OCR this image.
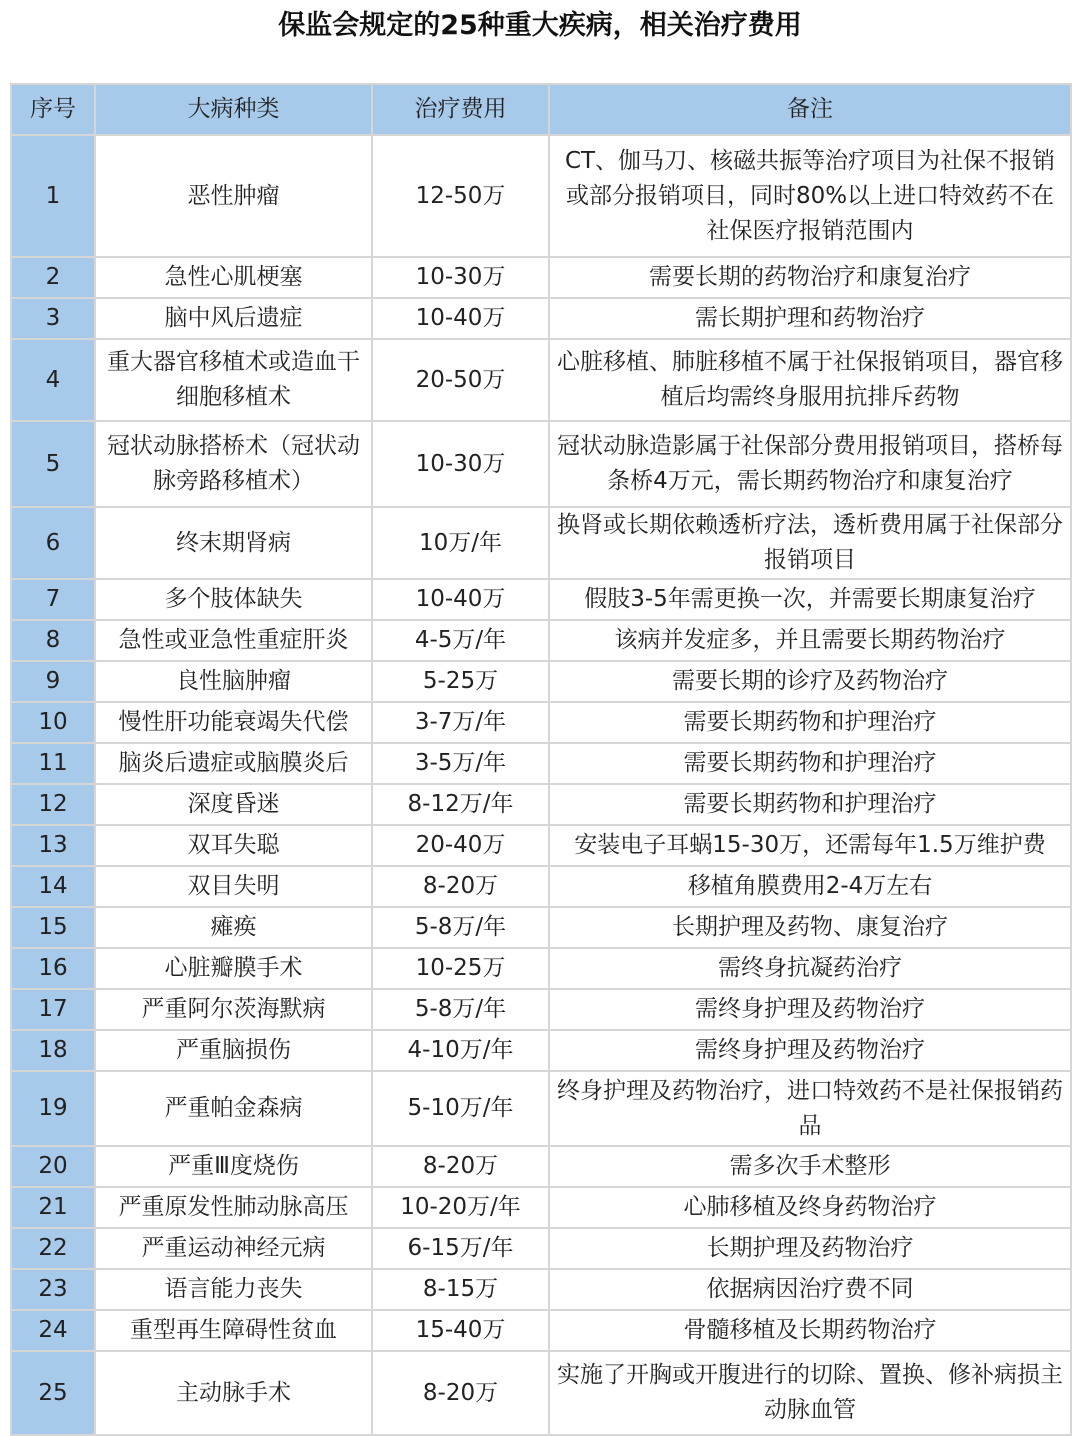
保监会规定的25种重大疾病，相关治疗费用
序号	大病种类	治疗费用	备注
1	恶性肿瘤	12-50万	CT、伽马刀、核磁共振等治疗项目为社保不报销或部分报销项目，同时80%以上进口特效药不在社保医疗报销范围内
2	急性心肌梗塞	10-30万	需要长期的药物治疗和康复治疗
3	脑中风后遗症	10-40万	需长期护理和药物治疗
4	重大器官移植术或造血干细胞移植术	20-50万	心脏移植、肺脏移植不属于社保报销项目，器官移植后均需终身服用抗排斥药物
5	冠状动脉搭桥术（冠状动脉旁路移植术）	10-30万	冠状动脉造影属于社保部分费用报销项目，搭桥每条桥4万元，需长期药物治疗和康复治疗
6	终末期肾病	10万/年	换肾或长期依赖透析疗法，透析费用属于社保部分报销项目
7	多个肢体缺失	10-40万	假肢3-5年需更换一次，并需要长期康复治疗
8	急性或亚急性重症肝炎	4-5万/年	该病并发症多，并且需要长期药物治疗
9	良性脑肿瘤	5-25万	需要长期的诊疗及药物治疗
10	慢性肝功能衰竭失代偿	3-7万/年	需要长期药物和护理治疗
11	脑炎后遗症或脑膜炎后	3-5万/年	需要长期药物和护理治疗
12	深度昏迷	8-12万/年	需要长期药物和护理治疗
13	双耳失聪	20-40万	安装电子耳蜗15-30万，还需每年1.5万维护费
14	双目失明	8-20万	移植角膜费用2-4万左右
15	瘫痪	5-8万/年	长期护理及药物、康复治疗
16	心脏瓣膜手术	10-25万	需终身抗凝药治疗
17	严重阿尔茨海默病	5-8万/年	需终身护理及药物治疗
18	严重脑损伤	4-10万/年	需终身护理及药物治疗
19	严重帕金森病	5-10万/年	终身护理及药物治疗，进口特效药不是社保报销药品
20	严重Ⅲ度烧伤	8-20万	需多次手术整形
21	严重原发性肺动脉高压	10-20万/年	心肺移植及终身药物治疗
22	严重运动神经元病	6-15万/年	长期护理及药物治疗
23	语言能力丧失	8-15万	依据病因治疗费不同
24	重型再生障碍性贫血	15-40万	骨髓移植及长期药物治疗
25	主动脉手术	8-20万	实施了开胸或开腹进行的切除、置换、修补病损主动脉血管
